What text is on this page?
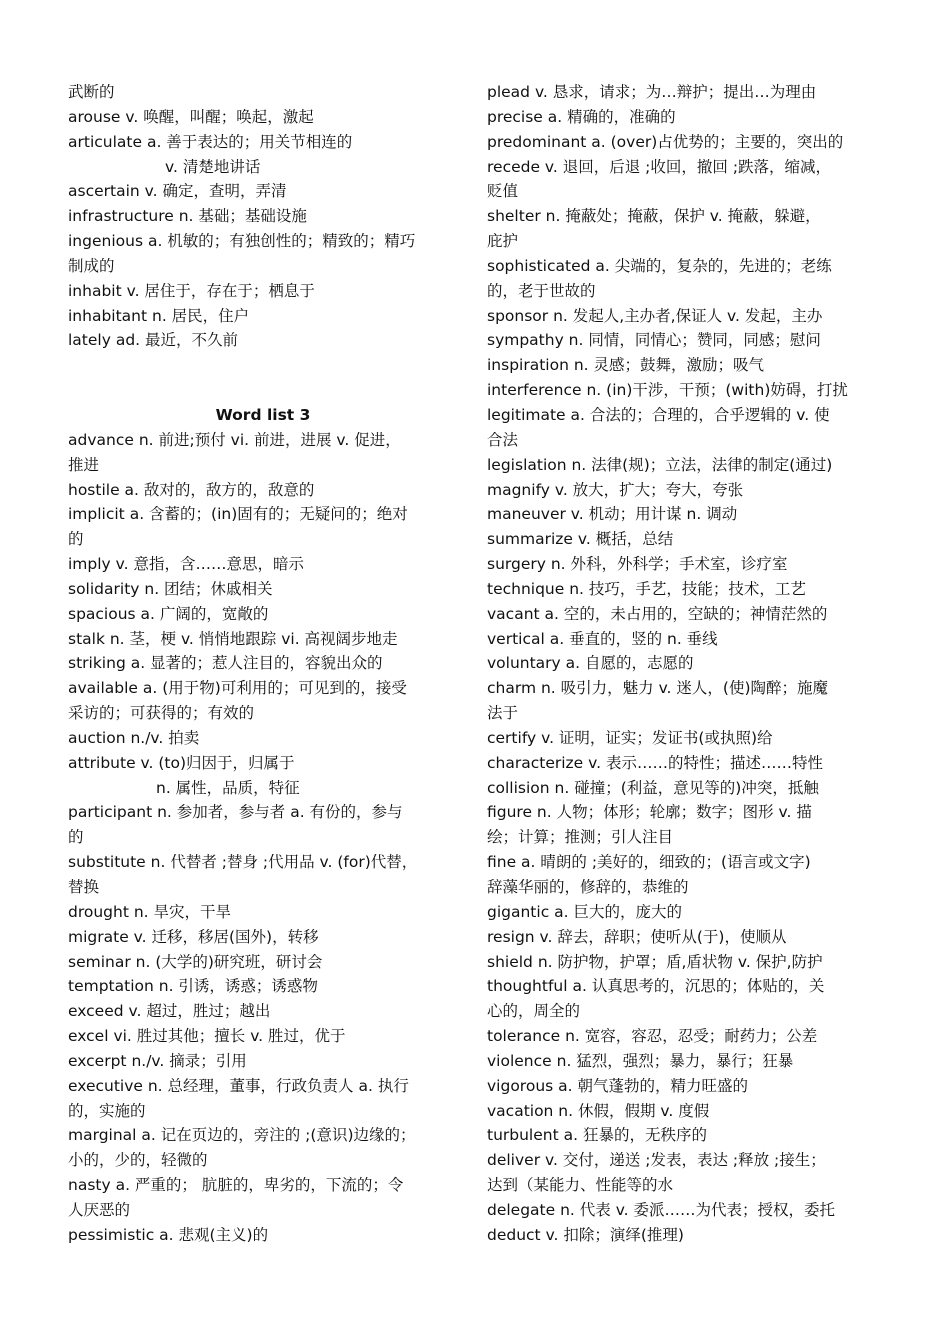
武断的
arouse v. 唤醒，叫醒；唤起，激起
articulate a. 善于表达的；用关节相连的
v. 清楚地讲话
ascertain v. 确定，查明，弄清
infrastructure n. 基础；基础设施
ingenious a. 机敏的；有独创性的；精致的；精巧
制成的
inhabit v. 居住于，存在于；栖息于
inhabitant n. 居民，住户
lately ad. 最近，不久前
Word list 3
advance n. 前进;预付 vi. 前进，进展 v. 促进，
推进
hostile a. 敌对的，敌方的，敌意的
implicit a. 含蓄的；(in)固有的；无疑问的；绝对
的
imply v. 意指，含……意思，暗示
solidarity n. 团结；休戚相关
spacious a. 广阔的，宽敞的
stalk n. 茎，梗 v. 悄悄地跟踪 vi. 高视阔步地走
striking a. 显著的；惹人注目的，容貌出众的
available a. (用于物)可利用的；可见到的，接受
采访的；可获得的；有效的
auction n./v. 拍卖
attribute v. (to)归因于，归属于
n. 属性，品质，特征
participant n. 参加者，参与者 a. 有份的，参与
的
substitute n. 代替者 ;替身 ;代用品 v. (for)代替，
替换
drought n. 旱灾，干旱
migrate v. 迁移，移居(国外)，转移
seminar n. (大学的)研究班，研讨会
temptation n. 引诱，诱惑；诱惑物
exceed v. 超过，胜过；越出
excel vi. 胜过其他；擅长 v. 胜过，优于
excerpt n./v. 摘录；引用
executive n. 总经理，董事，行政负责人 a. 执行
的，实施的
marginal a. 记在页边的，旁注的 ;(意识)边缘的；
小的，少的，轻微的
nasty a. 严重的； 肮脏的，卑劣的，下流的；令
人厌恶的
pessimistic a. 悲观(主义)的
plead v. 恳求，请求；为…辩护；提出…为理由
precise a. 精确的，准确的
predominant a. (over)占优势的；主要的，突出的
recede v. 退回，后退 ;收回，撤回 ;跌落，缩减，
贬值
shelter n. 掩蔽处；掩蔽，保护 v. 掩蔽，躲避，
庇护
sophisticated a. 尖端的，复杂的，先进的；老练
的，老于世故的
sponsor n. 发起人,主办者,保证人 v. 发起，主办
sympathy n. 同情，同情心；赞同，同感；慰问
inspiration n. 灵感；鼓舞，激励；吸气
interference n. (in)干涉，干预；(with)妨碍，打扰
legitimate a. 合法的；合理的，合乎逻辑的 v. 使
合法
legislation n. 法律(规)；立法，法律的制定(通过)
magnify v. 放大，扩大；夸大，夸张
maneuver v. 机动；用计谋 n. 调动
summarize v. 概括，总结
surgery n. 外科，外科学；手术室，诊疗室
technique n. 技巧，手艺，技能；技术，工艺
vacant a. 空的，未占用的，空缺的；神情茫然的
vertical a. 垂直的，竖的 n. 垂线
voluntary a. 自愿的，志愿的
charm n. 吸引力，魅力 v. 迷人，(使)陶醉；施魔
法于
certify v. 证明，证实；发证书(或执照)给
characterize v. 表示……的特性；描述……特性
collision n. 碰撞；(利益，意见等的)冲突，抵触
figure n. 人物；体形；轮廓；数字；图形 v. 描
绘；计算；推测；引人注目
fine a. 晴朗的 ;美好的，细致的；(语言或文字)
辞藻华丽的，修辞的，恭维的
gigantic a. 巨大的，庞大的
resign v. 辞去，辞职；使听从(于)，使顺从
shield n. 防护物，护罩；盾,盾状物 v. 保护,防护
thoughtful a. 认真思考的，沉思的；体贴的，关
心的，周全的
tolerance n. 宽容，容忍，忍受；耐药力；公差
violence n. 猛烈，强烈；暴力，暴行；狂暴
vigorous a. 朝气蓬勃的，精力旺盛的
vacation n. 休假，假期 v. 度假
turbulent a. 狂暴的，无秩序的
deliver v. 交付，递送 ;发表，表达 ;释放 ;接生；
达到（某能力、性能等的水
delegate n. 代表 v. 委派……为代表；授权，委托
deduct v. 扣除；演绎(推理)
